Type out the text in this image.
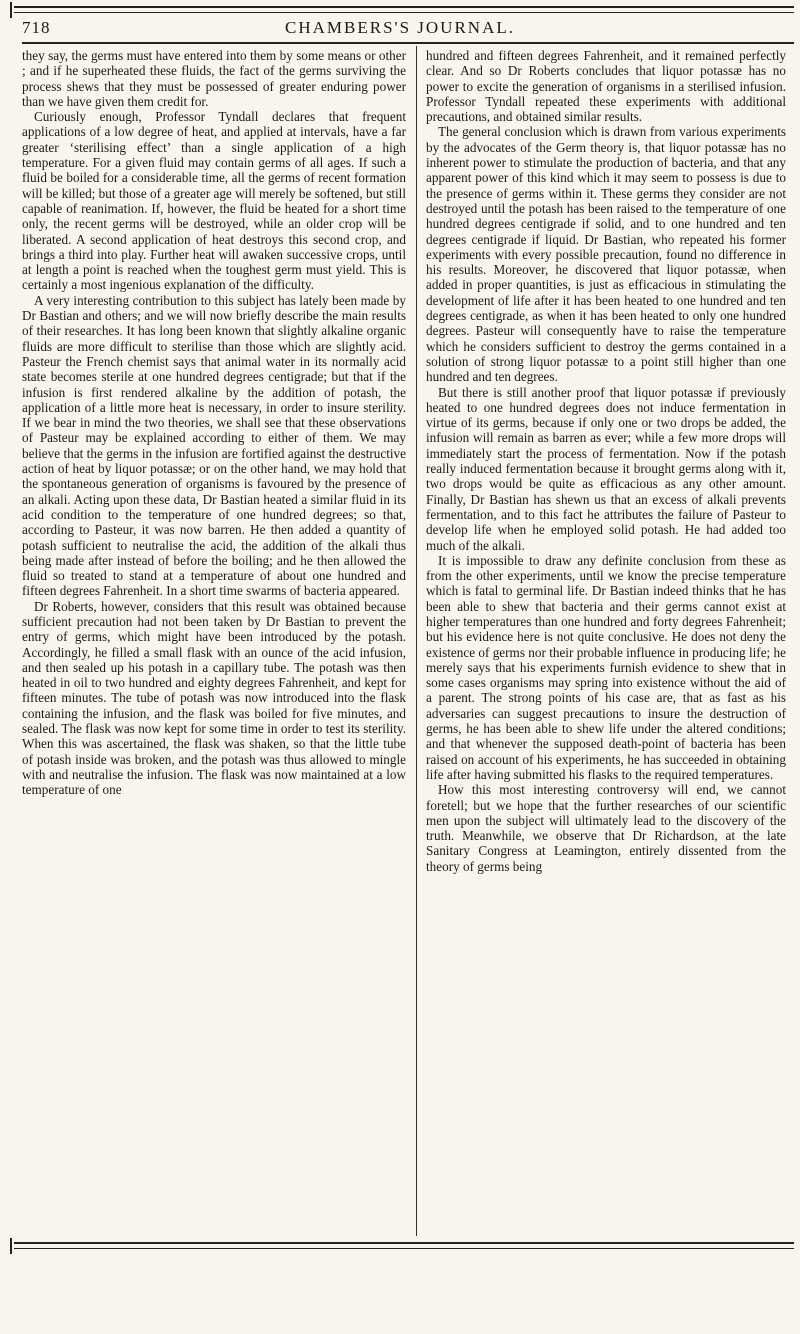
718	CHAMBERS'S JOURNAL.

they say, the germs must have entered into them by some means or other ; and if he superheated these fluids, the fact of the germs surviving the process shews that they must be possessed of greater enduring power than we have given them credit for.

Curiously enough, Professor Tyndall declares that frequent applications of a low degree of heat, and applied at intervals, have a far greater ‘sterilising effect’ than a single application of a high temperature. For a given fluid may contain germs of all ages. If such a fluid be boiled for a considerable time, all the germs of recent formation will be killed; but those of a greater age will merely be softened, but still capable of reanimation. If, however, the fluid be heated for a short time only, the recent germs will be destroyed, while an older crop will be liberated. A second application of heat destroys this second crop, and brings a third into play. Further heat will awaken successive crops, until at length a point is reached when the toughest germ must yield. This is certainly a most ingenious explanation of the difficulty.

A very interesting contribution to this subject has lately been made by Dr Bastian and others; and we will now briefly describe the main results of their researches. It has long been known that slightly alkaline organic fluids are more difficult to sterilise than those which are slightly acid. Pasteur the French chemist says that animal water in its normally acid state becomes sterile at one hundred degrees centigrade; but that if the infusion is first rendered alkaline by the addition of potash, the application of a little more heat is necessary, in order to insure sterility. If we bear in mind the two theories, we shall see that these observations of Pasteur may be explained according to either of them. We may believe that the germs in the infusion are fortified against the destructive action of heat by liquor potassæ; or on the other hand, we may hold that the spontaneous generation of organisms is favoured by the presence of an alkali. Acting upon these data, Dr Bastian heated a similar fluid in its acid condition to the temperature of one hundred degrees; so that, according to Pasteur, it was now barren. He then added a quantity of potash sufficient to neutralise the acid, the addition of the alkali thus being made after instead of before the boiling; and he then allowed the fluid so treated to stand at a temperature of about one hundred and fifteen degrees Fahrenheit. In a short time swarms of bacteria appeared.

Dr Roberts, however, considers that this result was obtained because sufficient precaution had not been taken by Dr Bastian to prevent the entry of germs, which might have been introduced by the potash. Accordingly, he filled a small flask with an ounce of the acid infusion, and then sealed up his potash in a capillary tube. The potash was then heated in oil to two hundred and eighty degrees Fahrenheit, and kept for fifteen minutes. The tube of potash was now introduced into the flask containing the infusion, and the flask was boiled for five minutes, and sealed. The flask was now kept for some time in order to test its sterility. When this was ascertained, the flask was shaken, so that the little tube of potash inside was broken, and the potash was thus allowed to mingle with and neutralise the infusion. The flask was now maintained at a low temperature of one

hundred and fifteen degrees Fahrenheit, and it remained perfectly clear. And so Dr Roberts concludes that liquor potassæ has no power to excite the generation of organisms in a sterilised infusion. Professor Tyndall repeated these experiments with additional precautions, and obtained similar results.

The general conclusion which is drawn from various experiments by the advocates of the Germ theory is, that liquor potassæ has no inherent power to stimulate the production of bacteria, and that any apparent power of this kind which it may seem to possess is due to the presence of germs within it. These germs they consider are not destroyed until the potash has been raised to the temperature of one hundred degrees centigrade if solid, and to one hundred and ten degrees centigrade if liquid. Dr Bastian, who repeated his former experiments with every possible precaution, found no difference in his results. Moreover, he discovered that liquor potassæ, when added in proper quantities, is just as efficacious in stimulating the development of life after it has been heated to one hundred and ten degrees centigrade, as when it has been heated to only one hundred degrees. Pasteur will consequently have to raise the temperature which he considers sufficient to destroy the germs contained in a solution of strong liquor potassæ to a point still higher than one hundred and ten degrees.

But there is still another proof that liquor potassæ if previously heated to one hundred degrees does not induce fermentation in virtue of its germs, because if only one or two drops be added, the infusion will remain as barren as ever; while a few more drops will immediately start the process of fermentation. Now if the potash really induced fermentation because it brought germs along with it, two drops would be quite as efficacious as any other amount. Finally, Dr Bastian has shewn us that an excess of alkali prevents fermentation, and to this fact he attributes the failure of Pasteur to develop life when he employed solid potash. He had added too much of the alkali.

It is impossible to draw any definite conclusion from these as from the other experiments, until we know the precise temperature which is fatal to germinal life. Dr Bastian indeed thinks that he has been able to shew that bacteria and their germs cannot exist at higher temperatures than one hundred and forty degrees Fahrenheit; but his evidence here is not quite conclusive. He does not deny the existence of germs nor their probable influence in producing life; he merely says that his experiments furnish evidence to shew that in some cases organisms may spring into existence without the aid of a parent. The strong points of his case are, that as fast as his adversaries can suggest precautions to insure the destruction of germs, he has been able to shew life under the altered conditions; and that whenever the supposed death-point of bacteria has been raised on account of his experiments, he has succeeded in obtaining life after having submitted his flasks to the required temperatures.

How this most interesting controversy will end, we cannot foretell; but we hope that the further researches of our scientific men upon the subject will ultimately lead to the discovery of the truth. Meanwhile, we observe that Dr Richardson, at the late Sanitary Congress at Leamington, entirely dissented from the theory of germs being
